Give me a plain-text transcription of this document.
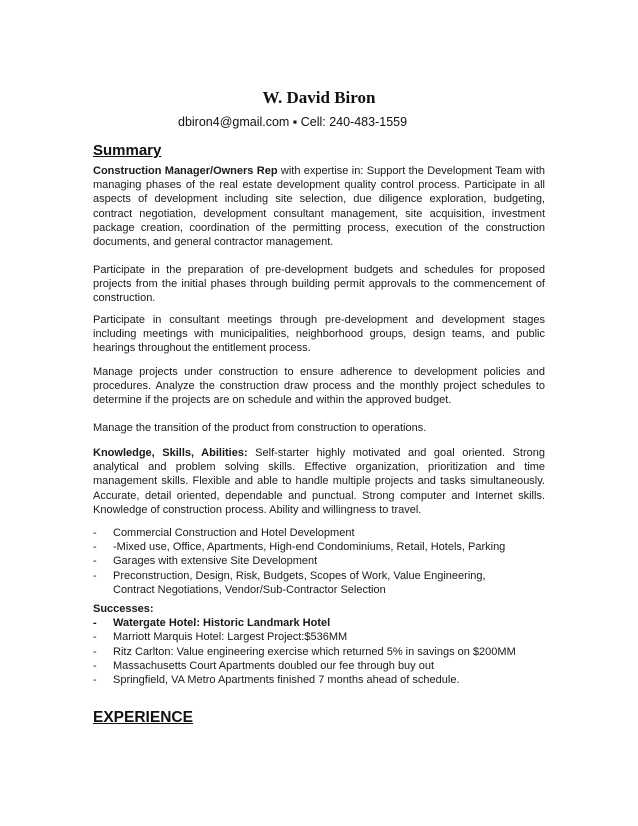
W. David Biron
dbiron4@gmail.com ▪ Cell: 240-483-1559
Summary
Construction Manager/Owners Rep with expertise in: Support the Development Team with managing phases of the real estate development quality control process. Participate in all aspects of development including site selection, due diligence exploration, budgeting, contract negotiation, development consultant management, site acquisition, investment package creation, coordination of the permitting process, execution of the construction documents, and general contractor management.
Participate in the preparation of pre-development budgets and schedules for proposed projects from the initial phases through building permit approvals to the commencement of construction.
Participate in consultant meetings through pre-development and development stages including meetings with municipalities, neighborhood groups, design teams, and public hearings throughout the entitlement process.
Manage projects under construction to ensure adherence to development policies and procedures. Analyze the construction draw process and the monthly project schedules to determine if the projects are on schedule and within the approved budget.
Manage the transition of the product from construction to operations.
Knowledge, Skills, Abilities: Self-starter highly motivated and goal oriented. Strong analytical and problem solving skills. Effective organization, prioritization and time management skills. Flexible and able to handle multiple projects and tasks simultaneously. Accurate, detail oriented, dependable and punctual. Strong computer and Internet skills. Knowledge of construction process. Ability and willingness to travel.
- Commercial Construction and Hotel Development
- -Mixed use, Office, Apartments, High-end Condominiums, Retail, Hotels, Parking
- Garages with extensive Site Development
- Preconstruction, Design, Risk, Budgets, Scopes of Work, Value Engineering, Contract Negotiations, Vendor/Sub-Contractor Selection
Successes:
- Watergate Hotel: Historic Landmark Hotel
- Marriott Marquis Hotel: Largest Project:$536MM
- Ritz Carlton: Value engineering exercise which returned 5% in savings on $200MM
- Massachusetts Court Apartments doubled our fee through buy out
- Springfield, VA Metro Apartments finished 7 months ahead of schedule.
EXPERIENCE
